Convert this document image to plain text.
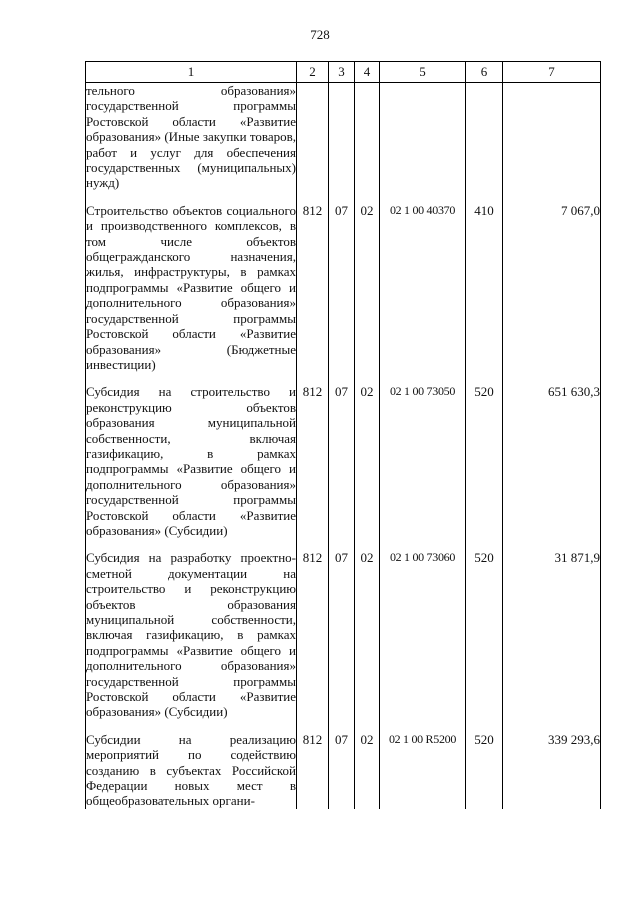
728
1	2	3	4	5	6	7
тельного образования» государственной программы Ростовской области «Развитие образования» (Иные закупки товаров, работ и услуг для обеспечения государственных (муниципальных) нужд)						

Строительство объектов социального и производственного комплексов, в том числе объектов общегражданского назначения, жилья, инфраструктуры, в рамках подпрограммы «Развитие общего и дополнительного образования» государственной программы Ростовской области «Развитие образования» (Бюджетные инвестиции)	812	07	02	02 1 00 40370	410	7 067,0

Субсидия на строительство и реконструкцию объектов образования муниципальной собственности, включая газификацию, в рамках подпрограммы «Развитие общего и дополнительного образования» государственной программы Ростовской области «Развитие образования» (Субсидии)	812	07	02	02 1 00 73050	520	651 630,3

Субсидия на разработку проектно-сметной документации на строительство и реконструкцию объектов образования муниципальной собственности, включая газификацию, в рамках подпрограммы «Развитие общего и дополнительного образования» государственной программы Ростовской области «Развитие образования» (Субсидии)	812	07	02	02 1 00 73060	520	31 871,9

Субсидии на реализацию мероприятий по содействию созданию в субъектах Российской Федерации новых мест в общеобразовательных органи-	812	07	02	02 1 00 R5200	520	339 293,6
